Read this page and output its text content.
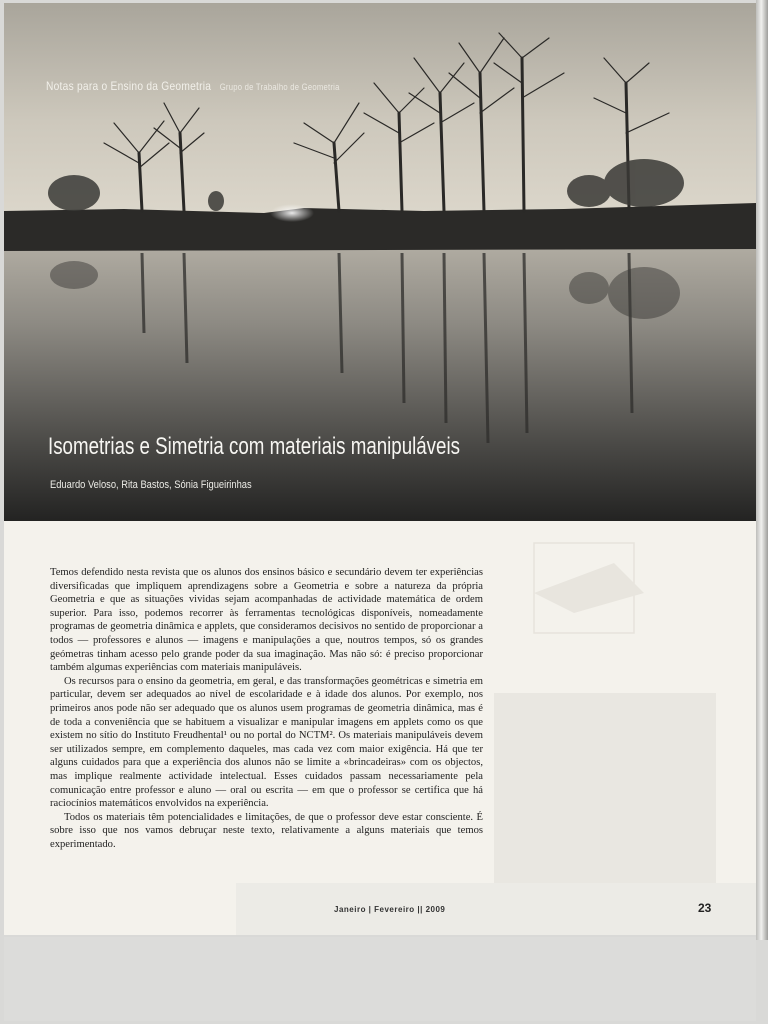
Notas para o Ensino da Geometria Grupo de Trabalho de Geometria
Isometrias e Simetria com materiais manipuláveis
Eduardo Veloso, Rita Bastos, Sónia Figueirinhas

Temos defendido nesta revista que os alunos dos ensinos básico e secundário devem ter experiências diversificadas que impliquem aprendizagens sobre a Geometria e sobre a natureza da própria Geometria e que as situações vividas sejam acompanhadas de actividade matemática de ordem superior. Para isso, podemos recorrer às ferramentas tecnológicas disponíveis, nomeadamente programas de geometria dinâmica e applets, que consideramos decisivos no sentido de proporcionar a todos — professores e alunos — imagens e manipulações a que, noutros tempos, só os grandes geómetras tinham acesso pelo grande poder da sua imaginação. Mas não só: é preciso proporcionar também algumas experiências com materiais manipuláveis.

Os recursos para o ensino da geometria, em geral, e das transformações geométricas e simetria em particular, devem ser adequados ao nível de escolaridade e à idade dos alunos. Por exemplo, nos primeiros anos pode não ser adequado que os alunos usem programas de geometria dinâmica, mas é de toda a conveniência que se habituem a visualizar e manipular imagens em applets como os que existem no sítio do Instituto Freudhental¹ ou no portal do NCTM². Os materiais manipuláveis devem ser utilizados sempre, em complemento daqueles, mas cada vez com maior exigência. Há que ter alguns cuidados para que a experiência dos alunos não se limite a «brincadeiras» com os objectos, mas implique realmente actividade intelectual. Esses cuidados passam necessariamente pela comunicação entre professor e aluno — oral ou escrita — em que o professor se certifica que há raciocínios matemáticos envolvidos na experiência.

Todos os materiais têm potencialidades e limitações, de que o professor deve estar consciente. É sobre isso que nos vamos debruçar neste texto, relativamente a alguns materiais que temos experimentado.

Janeiro | Fevereiro || 2009	23
